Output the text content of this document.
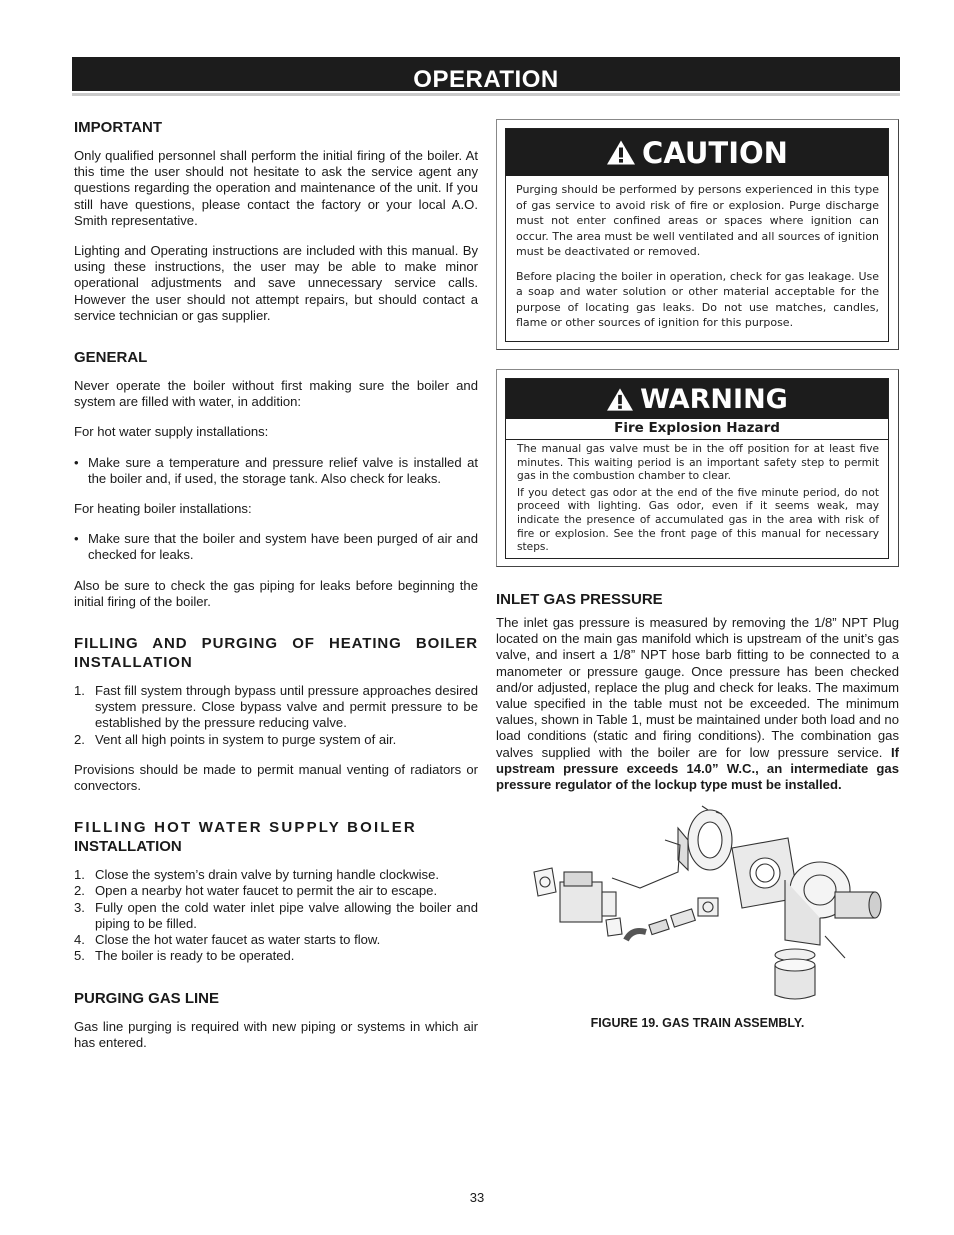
OPERATION
IMPORTANT

Only qualified personnel shall perform the initial firing of the boiler. At this time the user should not hesitate to ask the service agent any questions regarding the operation and maintenance of the unit. If you still have questions, please contact the factory or your local A.O. Smith representative.

Lighting and Operating instructions are included with this manual. By using these instructions, the user may be able to make minor operational adjustments and save unnecessary service calls. However the user should not attempt repairs, but should contact a service technician or gas supplier.

GENERAL

Never operate the boiler without first making sure the boiler and system are filled with water, in addition:

For hot water supply installations:

• Make sure a temperature and pressure relief valve is installed at the boiler and, if used, the storage tank. Also check for leaks.

For heating boiler installations:

• Make sure that the boiler and system have been purged of air and checked for leaks.

Also be sure to check the gas piping for leaks before beginning the initial firing of the boiler.

FILLING AND PURGING OF HEATING BOILER INSTALLATION
1. Fast fill system through bypass until pressure approaches desired system pressure. Close bypass valve and permit pressure to be established by the pressure reducing valve.
2. Vent all high points in system to purge system of air.

Provisions should be made to permit manual venting of radiators or convectors.

FILLING HOT WATER SUPPLY BOILER
INSTALLATION
1. Close the system’s drain valve by turning handle clockwise.
2. Open a nearby hot water faucet to permit the air to escape.
3. Fully open the cold water inlet pipe valve allowing the boiler and piping to be filled.
4. Close the hot water faucet as water starts to flow.
5. The boiler is ready to be operated.
PURGING GAS LINE

Gas line purging is required with new piping or systems in which air has entered.

CAUTION

Purging should be performed by persons experienced in this type of gas service to avoid risk of fire or explosion. Purge discharge must not enter confined areas or spaces where ignition can occur. The area must be well ventilated and all sources of ignition must be deactivated or removed.

Before placing the boiler in operation, check for gas leakage. Use a soap and water solution or other material acceptable for the purpose of locating gas leaks. Do not use matches, candles, flame or other sources of ignition for this purpose.

WARNING
Fire Explosion Hazard

The manual gas valve must be in the off position for at least five minutes. This waiting period is an important safety step to permit gas in the combustion chamber to clear.

If you detect gas odor at the end of the five minute period, do not proceed with lighting. Gas odor, even if it seems weak, may indicate the presence of accumulated gas in the area with risk of fire or explosion. See the front page of this manual for necessary steps.

INLET GAS PRESSURE

The inlet gas pressure is measured by removing the 1/8” NPT Plug located on the main gas manifold which is upstream of the unit’s gas valve, and insert a 1/8” NPT hose barb fitting to be connected to a manometer or pressure gauge. Once pressure has been checked and/or adjusted, replace the plug and check for leaks. The maximum value specified in the table must not be exceeded. The minimum values, shown in Table 1, must be maintained under both load and no load conditions (static and firing conditions). The combination gas valves supplied with the boiler are for low pressure service. If upstream pressure exceeds 14.0” W.C., an intermediate gas pressure regulator of the lockup type must be installed.

FIGURE 19. GAS TRAIN ASSEMBLY.
33
